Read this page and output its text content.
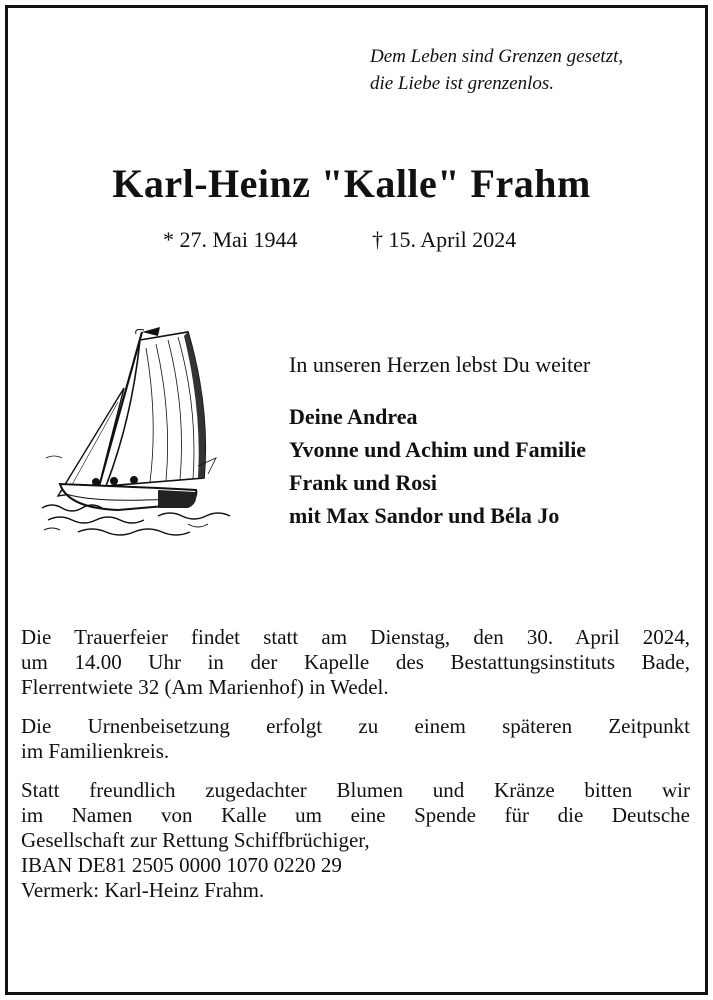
Dem Leben sind Grenzen gesetzt,
die Liebe ist grenzenlos.
Karl-Heinz "Kalle" Frahm
* 27. Mai 1944	† 15. April 2024
In unseren Herzen lebst Du weiter
Deine Andrea
Yvonne und Achim und Familie
Frank und Rosi
mit Max Sandor und Béla Jo

Die Trauerfeier findet statt am Dienstag, den 30. April 2024,
um 14.00 Uhr in der Kapelle des Bestattungsinstituts Bade,
Flerrentwiete 32 (Am Marienhof) in Wedel.

Die Urnenbeisetzung erfolgt zu einem späteren Zeitpunkt
im Familienkreis.

Statt freundlich zugedachter Blumen und Kränze bitten wir
im Namen von Kalle um eine Spende für die Deutsche
Gesellschaft zur Rettung Schiffbrüchiger,
IBAN DE81 2505 0000 1070 0220 29
Vermerk: Karl-Heinz Frahm.
